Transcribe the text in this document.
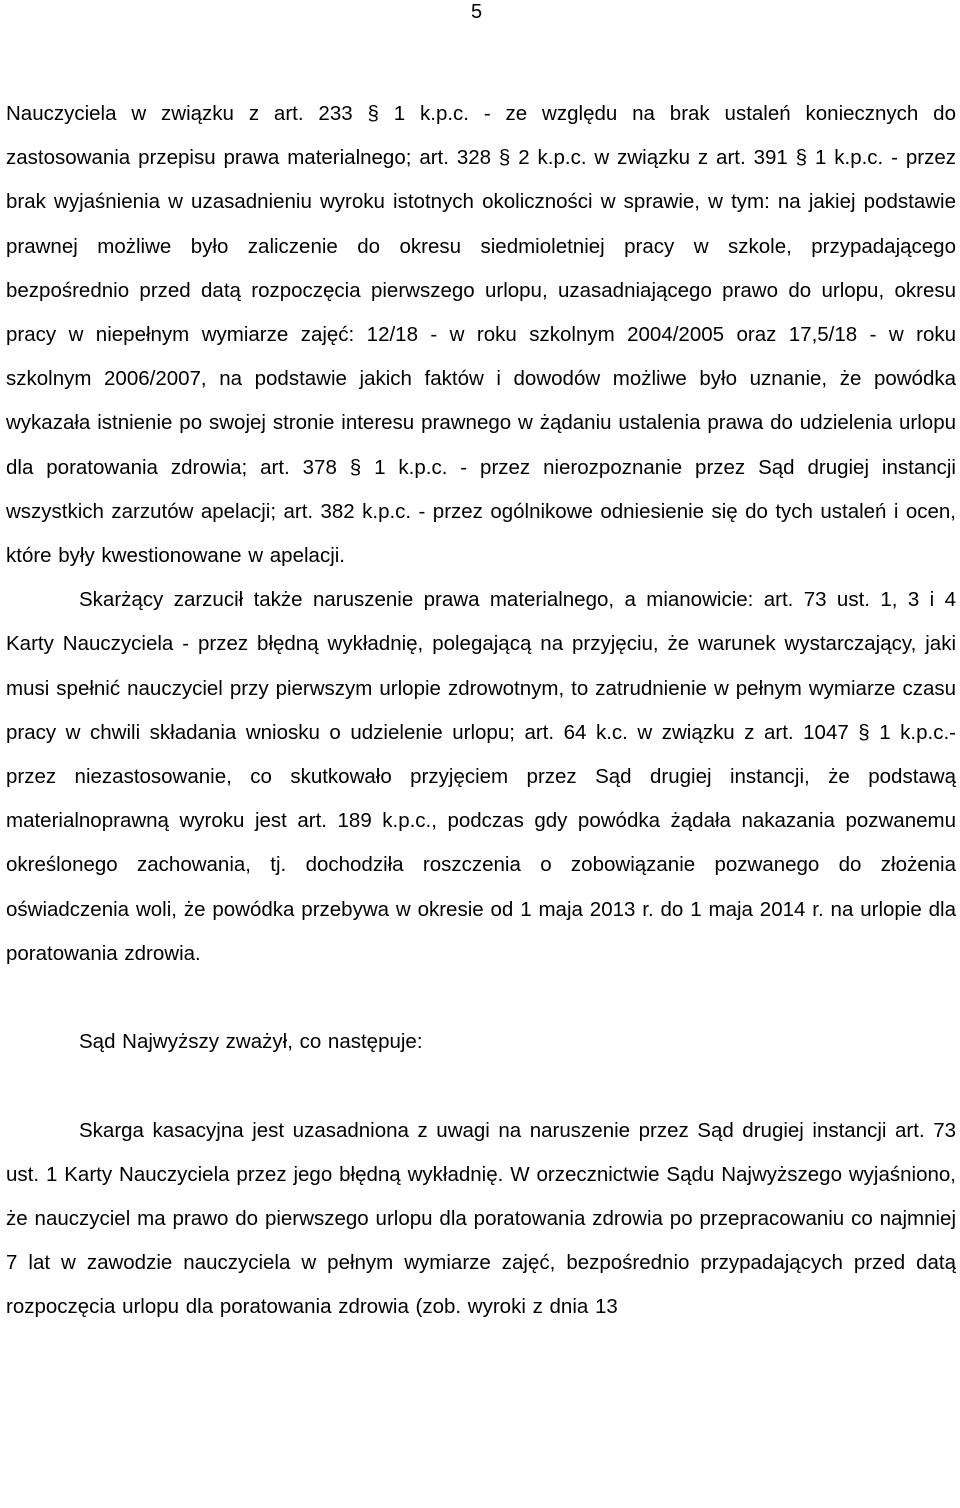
5

Nauczyciela w związku z art. 233 § 1 k.p.c. - ze względu na brak ustaleń koniecznych do zastosowania przepisu prawa materialnego; art. 328 § 2 k.p.c. w związku z art. 391 § 1 k.p.c. - przez brak wyjaśnienia w uzasadnieniu wyroku istotnych okoliczności w sprawie, w tym: na jakiej podstawie prawnej możliwe było zaliczenie do okresu siedmioletniej pracy w szkole, przypadającego bezpośrednio przed datą rozpoczęcia pierwszego urlopu, uzasadniającego prawo do urlopu, okresu pracy w niepełnym wymiarze zajęć: 12/18 - w roku szkolnym 2004/2005 oraz 17,5/18 - w roku szkolnym 2006/2007, na podstawie jakich faktów i dowodów możliwe było uznanie, że powódka wykazała istnienie po swojej stronie interesu prawnego w żądaniu ustalenia prawa do udzielenia urlopu dla poratowania zdrowia; art. 378 § 1 k.p.c. - przez nierozpoznanie przez Sąd drugiej instancji wszystkich zarzutów apelacji; art. 382 k.p.c. - przez ogólnikowe odniesienie się do tych ustaleń i ocen, które były kwestionowane w apelacji.

Skarżący zarzucił także naruszenie prawa materialnego, a mianowicie: art. 73 ust. 1, 3 i 4 Karty Nauczyciela - przez błędną wykładnię, polegającą na przyjęciu, że warunek wystarczający, jaki musi spełnić nauczyciel przy pierwszym urlopie zdrowotnym, to zatrudnienie w pełnym wymiarze czasu pracy w chwili składania wniosku o udzielenie urlopu; art. 64 k.c. w związku z art. 1047 § 1 k.p.c.- przez niezastosowanie, co skutkowało przyjęciem przez Sąd drugiej instancji, że podstawą materialnoprawną wyroku jest art. 189 k.p.c., podczas gdy powódka żądała nakazania pozwanemu określonego zachowania, tj. dochodziła roszczenia o zobowiązanie pozwanego do złożenia oświadczenia woli, że powódka przebywa w okresie od 1 maja 2013 r. do 1 maja 2014 r. na urlopie dla poratowania zdrowia.

Sąd Najwyższy zważył, co następuje:

Skarga kasacyjna jest uzasadniona z uwagi na naruszenie przez Sąd drugiej instancji art. 73 ust. 1 Karty Nauczyciela przez jego błędną wykładnię. W orzecznictwie Sądu Najwyższego wyjaśniono, że nauczyciel ma prawo do pierwszego urlopu dla poratowania zdrowia po przepracowaniu co najmniej 7 lat w zawodzie nauczyciela w pełnym wymiarze zajęć, bezpośrednio przypadających przed datą rozpoczęcia urlopu dla poratowania zdrowia (zob. wyroki z dnia 13
